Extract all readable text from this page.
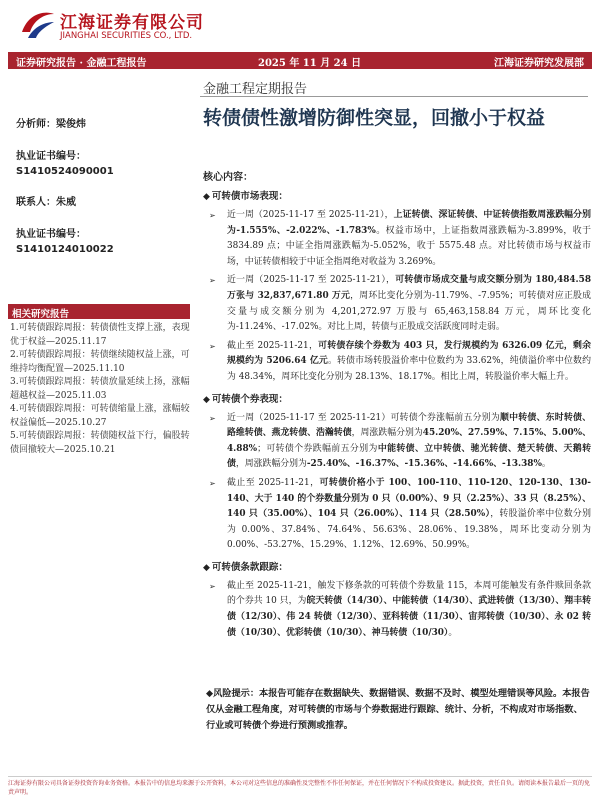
江海证券有限公司
JIANGHAI SECURITIES CO., LTD.
证券研究报告 · 金融工程报告	2025 年 11 月 24 日	江海证券研究发展部
金融工程定期报告
转债债性激增防御性突显，回撤小于权益
分析师：梁俊炜
执业证书编号：
S1410524090001
联系人：朱威
执业证书编号：
S1410124010022
相关研究报告
1.可转债跟踪周报：转债债性支撑上涨，表现优于权益—2025.11.17
2.可转债跟踪周报：转债继续随权益上涨，可维持均衡配置—2025.11.10
3.可转债跟踪周报：转债放量延续上扬，涨幅超越权益—2025.11.03
4.可转债跟踪周报：可转债缩量上涨，涨幅较权益偏低—2025.10.27
5.可转债跟踪周报：转债随权益下行，偏股转债回撤较大—2025.10.21
核心内容：
◆ 可转债市场表现：
➢ 近一周（2025-11-17 至 2025-11-21），上证转债、深证转债、中证转债指数周涨跌幅分别为-1.555%、-2.022%、-1.783%。权益市场中，上证指数周涨跌幅为-3.899%，收于 3834.89 点；中证全指周涨跌幅为-5.052%，收于 5575.48 点。对比转债市场与权益市场，中证转债相较于中证全指周绝对收益为 3.269%。
➢ 近一周（2025-11-17 至 2025-11-21），可转债市场成交量与成交额分别为 180,484.58 万张与 32,837,671.80 万元，周环比变化分别为-11.79%、-7.95%；可转债对应正股成交量与成交额分别为 4,201,272.97 万股与 65,463,158.84 万元，周环比变化为-11.24%、-17.02%。对比上周，转债与正股成交活跃度同时走弱。
➢ 截止至 2025-11-21，可转债存续个券数为 403 只，发行规模约为 6326.09 亿元，剩余规模约为 5206.64 亿元。转债市场转股溢价率中位数约为 33.62%，纯债溢价率中位数约为 48.34%，周环比变化分别为 28.13%、18.17%。相比上周，转股溢价率大幅上升。
◆ 可转债个券表现：
➢ 近一周（2025-11-17 至 2025-11-21）可转债个券涨幅前五分别为顺中转债、东时转债、路维转债、燕龙转债、浩瀚转债，周涨跌幅分别为45.20%、27.59%、7.15%、5.00%、4.88%；可转债个券跌幅前五分别为中能转债、立中转债、驰光转债、楚天转债、天鹅转债，周涨跌幅分别为-25.40%、-16.37%、-15.36%、-14.66%、-13.38%。
➢ 截止至 2025-11-21，可转债价格小于 100、100-110、110-120、120-130、130-140、大于 140 的个券数量分别为 0 只（0.00%）、9 只（2.25%）、33 只（8.25%）、140 只（35.00%）、104 只（26.00%）、114 只（28.50%），转股溢价率中位数分别为 0.00%、37.84%、74.64%、56.63%、28.06%、19.38%，周环比变动分别为 0.00%、-53.27%、15.29%、1.12%、12.69%、50.99%。
◆ 可转债条款跟踪：
➢ 截止至 2025-11-21，触发下修条款的可转债个券数量 115，本周可能触发有条件赎回条款的个券共 10 只，为皖天转债（14/30）、中能转债（14/30）、武进转债（13/30）、翔丰转债（12/30）、伟 24 转债（12/30）、亚科转债（11/30）、宙邦转债（10/30）、永 02 转债（10/30）、优彩转债（10/30）、神马转债（10/30）。
◆风险提示：本报告可能存在数据缺失、数据错误、数据不及时、模型处理错误等风险。本报告仅从金融工程角度，对可转债的市场与个券数据进行跟踪、统计、分析，不构成对市场指数、行业或可转债个券进行预测或推荐。
江海证券有限公司具备证券投资咨询业务资格。本报告中的信息均来源于公开资料，本公司对这些信息的准确性及完整性不作任何保证，并在任何情况下不构成投资建议。据此投资，责任自负。请阅读本报告最后一页的免责声明。
